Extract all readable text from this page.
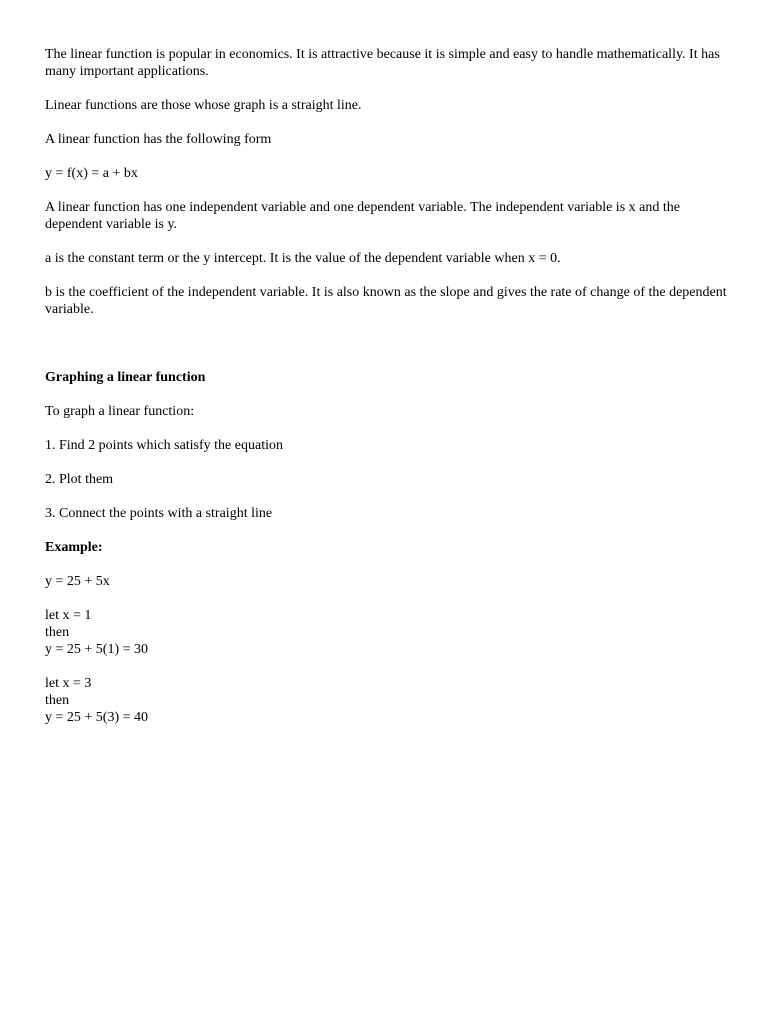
The linear function is popular in economics. It is attractive because it is simple and easy to handle mathematically. It has many important applications.

Linear functions are those whose graph is a straight line.

A linear function has the following form

y = f(x) = a + bx

A linear function has one independent variable and one dependent variable. The independent variable is x and the dependent variable is y.

a is the constant term or the y intercept. It is the value of the dependent variable when x = 0.

b is the coefficient of the independent variable. It is also known as the slope and gives the rate of change of the dependent variable.

Graphing a linear function

To graph a linear function:

1. Find 2 points which satisfy the equation

2. Plot them

3. Connect the points with a straight line

Example:

y = 25 + 5x

let x = 1
then
y = 25 + 5(1) = 30
let x = 3
then
y = 25 + 5(3) = 40
